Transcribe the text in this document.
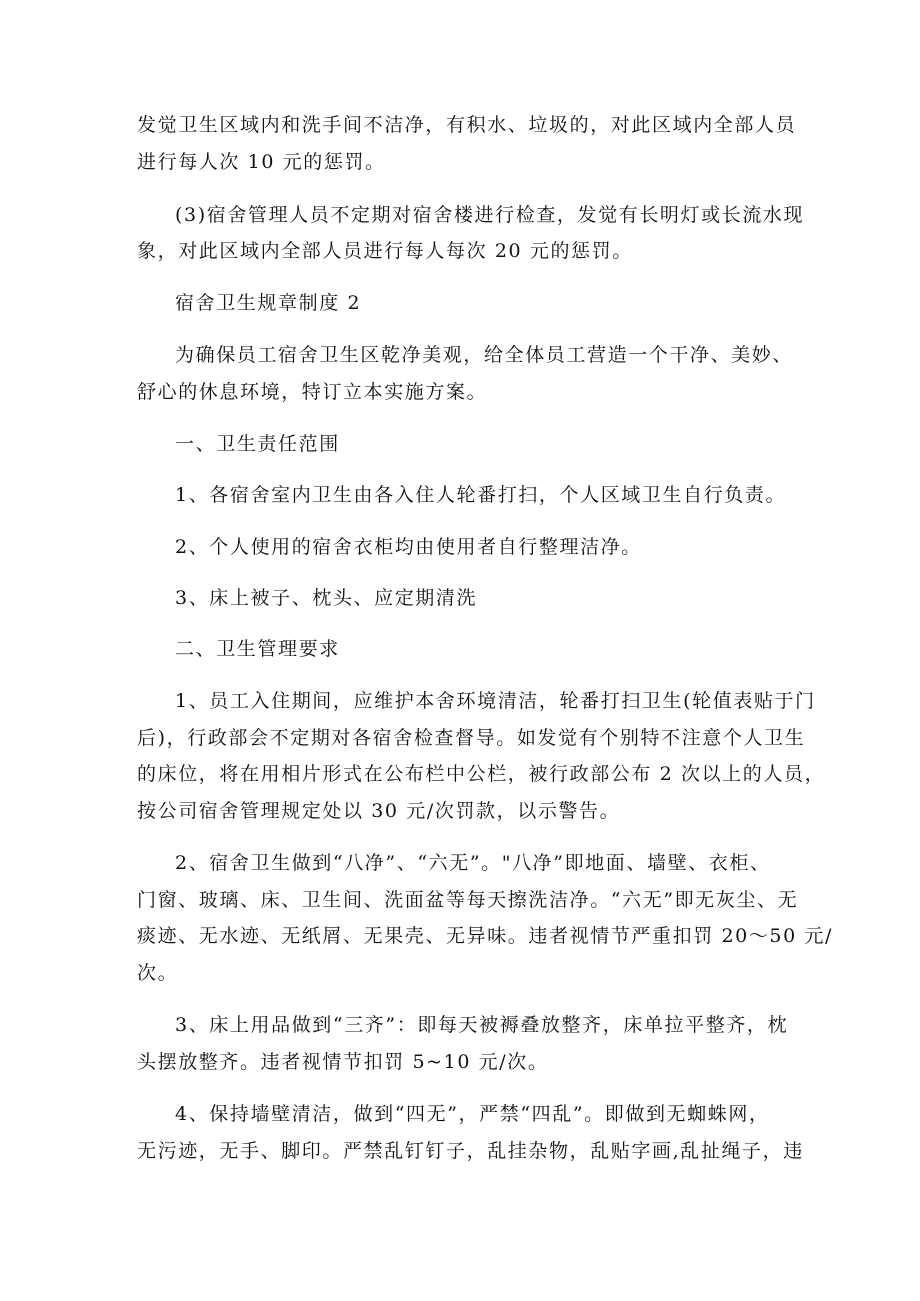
发觉卫生区域内和洗手间不洁净，有积水、垃圾的，对此区域内全部人员
进行每人次 10 元的惩罚。
(3)宿舍管理人员不定期对宿舍楼进行检查，发觉有长明灯或长流水现
象，对此区域内全部人员进行每人每次 20 元的惩罚。
宿舍卫生规章制度 2
为确保员工宿舍卫生区乾净美观，给全体员工营造一个干净、美妙、
舒心的休息环境，特订立本实施方案。
一、卫生责任范围
1、各宿舍室内卫生由各入住人轮番打扫，个人区域卫生自行负责。
2、个人使用的宿舍衣柜均由使用者自行整理洁净。
3、床上被子、枕头、应定期清洗
二、卫生管理要求
1、员工入住期间，应维护本舍环境清洁，轮番打扫卫生(轮值表贴于门
后)，行政部会不定期对各宿舍检查督导。如发觉有个别特不注意个人卫生
的床位，将在用相片形式在公布栏中公栏，被行政部公布 2 次以上的人员，
按公司宿舍管理规定处以 30 元/次罚款，以示警告。
2、宿舍卫生做到“八净”、“六无”。"八净”即地面、墙壁、衣柜、
门窗、玻璃、床、卫生间、洗面盆等每天擦洗洁净。“六无”即无灰尘、无
痰迹、无水迹、无纸屑、无果壳、无异味。违者视情节严重扣罚 20～50 元/
次。
3、床上用品做到“三齐”：即每天被褥叠放整齐，床单拉平整齐，枕
头摆放整齐。违者视情节扣罚 5~10 元/次。
4、保持墙壁清洁，做到“四无”，严禁“四乱”。即做到无蜘蛛网，
无污迹，无手、脚印。严禁乱钉钉子，乱挂杂物，乱贴字画,乱扯绳子，违
